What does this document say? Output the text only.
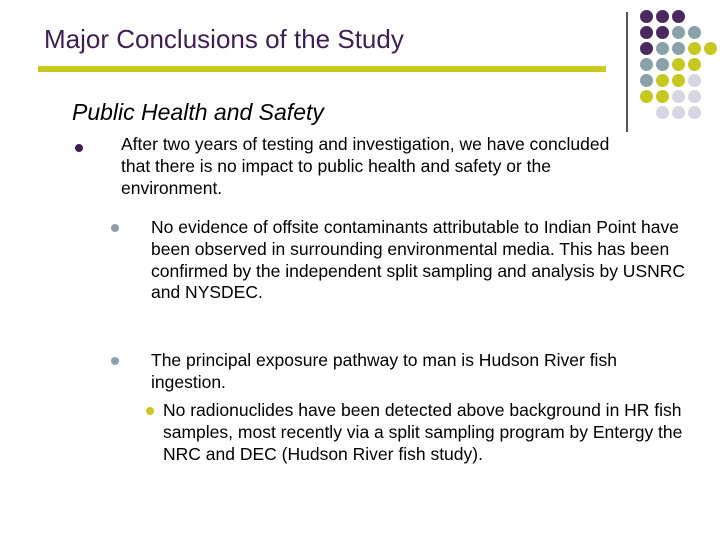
Major Conclusions of the Study
Public Health and Safety
After two years of testing and investigation, we have concluded that there is no impact to public health and safety or the environment.
No evidence of offsite contaminants attributable to Indian Point have been observed in surrounding environmental media. This has been confirmed by the independent split sampling and analysis by USNRC and NYSDEC.
The principal exposure pathway to man is Hudson River fish ingestion.
No radionuclides have been detected above background in HR fish samples, most recently via a split sampling program by Entergy the NRC and DEC (Hudson River fish study).
